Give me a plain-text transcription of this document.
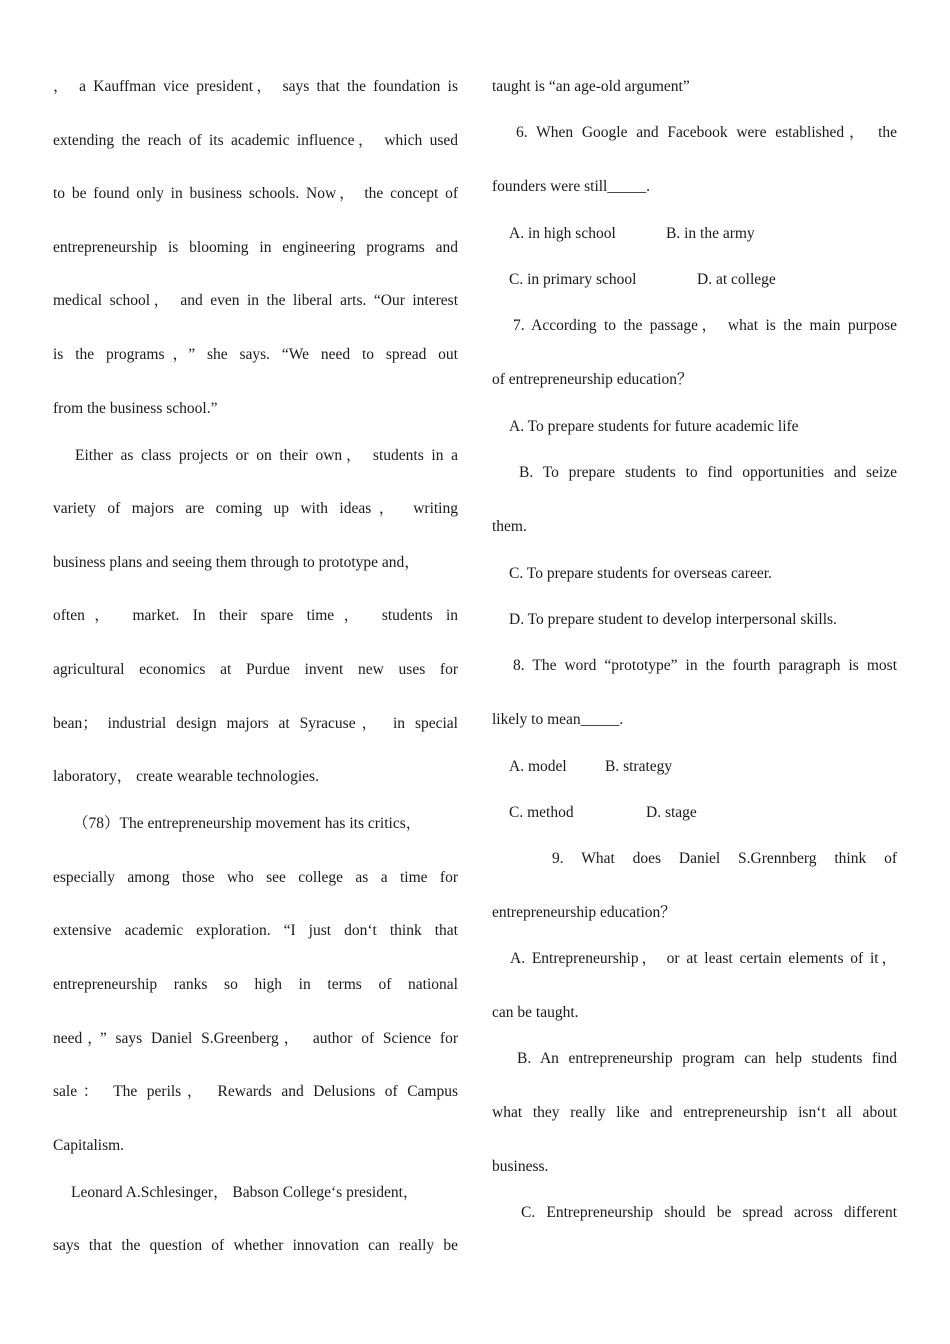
， a Kauffman vice president， says that the foundation is
extending the reach of its academic influence， which used
to be found only in business schools. Now， the concept of
entrepreneurship is blooming in engineering programs and
medical school， and even in the liberal arts. “Our interest
is the programs，” she says. “We need to spread out
from the business school.”
Either as class projects or on their own， students in a
variety of majors are coming up with ideas， writing
business plans and seeing them through to prototype and，
often， market. In their spare time， students in
agricultural economics at Purdue invent new uses for
bean； industrial design majors at Syracuse， in special
laboratory， create wearable technologies.
（78）The entrepreneurship movement has its critics，
especially among those who see college as a time for
extensive academic exploration. “I just don‘t think that
entrepreneurship ranks so high in terms of national
need，” says Daniel S.Greenberg， author of Science for
sale： The perils， Rewards and Delusions of Campus
Capitalism.
Leonard A.Schlesinger， Babson College‘s president，
says that the question of whether innovation can really be
taught is “an age-old argument”
6. When Google and Facebook were established， the
founders were still_____.
A. in high school	B. in the army
C. in primary school	D. at college
7. According to the passage， what is the main purpose
of entrepreneurship education？
A. To prepare students for future academic life
B. To prepare students to find opportunities and seize
them.
C. To prepare students for overseas career.
D. To prepare student to develop interpersonal skills.
8. The word “prototype” in the fourth paragraph is most
likely to mean_____.
A. model B. strategy
C. method	D. stage
9. What does Daniel S.Grennberg think of
entrepreneurship education？
A. Entrepreneurship， or at least certain elements of it，
can be taught.
B. An entrepreneurship program can help students find
what they really like and entrepreneurship isn‘t all about
business.
C. Entrepreneurship should be spread across different
